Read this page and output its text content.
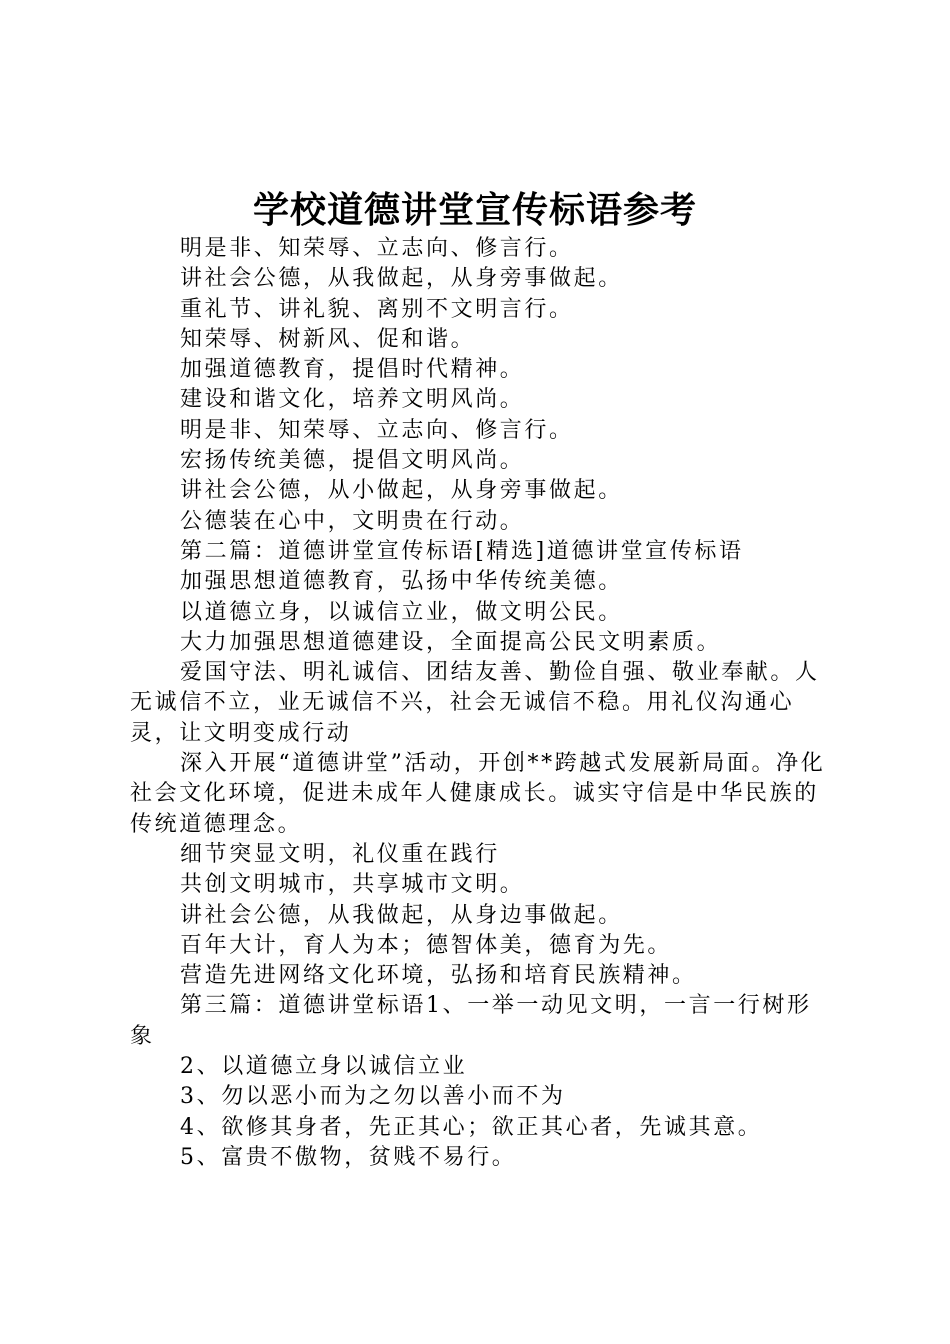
学校道德讲堂宣传标语参考

明是非、知荣辱、立志向、修言行。

讲社会公德，从我做起，从身旁事做起。

重礼节、讲礼貌、离别不文明言行。

知荣辱、树新风、促和谐。

加强道德教育，提倡时代精神。

建设和谐文化，培养文明风尚。

明是非、知荣辱、立志向、修言行。

宏扬传统美德，提倡文明风尚。

讲社会公德，从小做起，从身旁事做起。

公德装在心中，文明贵在行动。

第二篇：道德讲堂宣传标语[精选]道德讲堂宣传标语

加强思想道德教育，弘扬中华传统美德。

以道德立身，以诚信立业，做文明公民。

大力加强思想道德建设，全面提高公民文明素质。

爱国守法、明礼诚信、团结友善、勤俭自强、敬业奉献。人无诚信不立，业无诚信不兴，社会无诚信不稳。用礼仪沟通心灵，让文明变成行动

深入开展“道德讲堂”活动，开创**跨越式发展新局面。净化社会文化环境，促进未成年人健康成长。诚实守信是中华民族的传统道德理念。

细节突显文明，礼仪重在践行

共创文明城市，共享城市文明。

讲社会公德，从我做起，从身边事做起。

百年大计，育人为本；德智体美，德育为先。

营造先进网络文化环境，弘扬和培育民族精神。

第三篇：道德讲堂标语1、一举一动见文明，一言一行树形象

2、以道德立身以诚信立业

3、勿以恶小而为之勿以善小而不为

4、欲修其身者，先正其心；欲正其心者，先诚其意。

5、富贵不傲物，贫贱不易行。
